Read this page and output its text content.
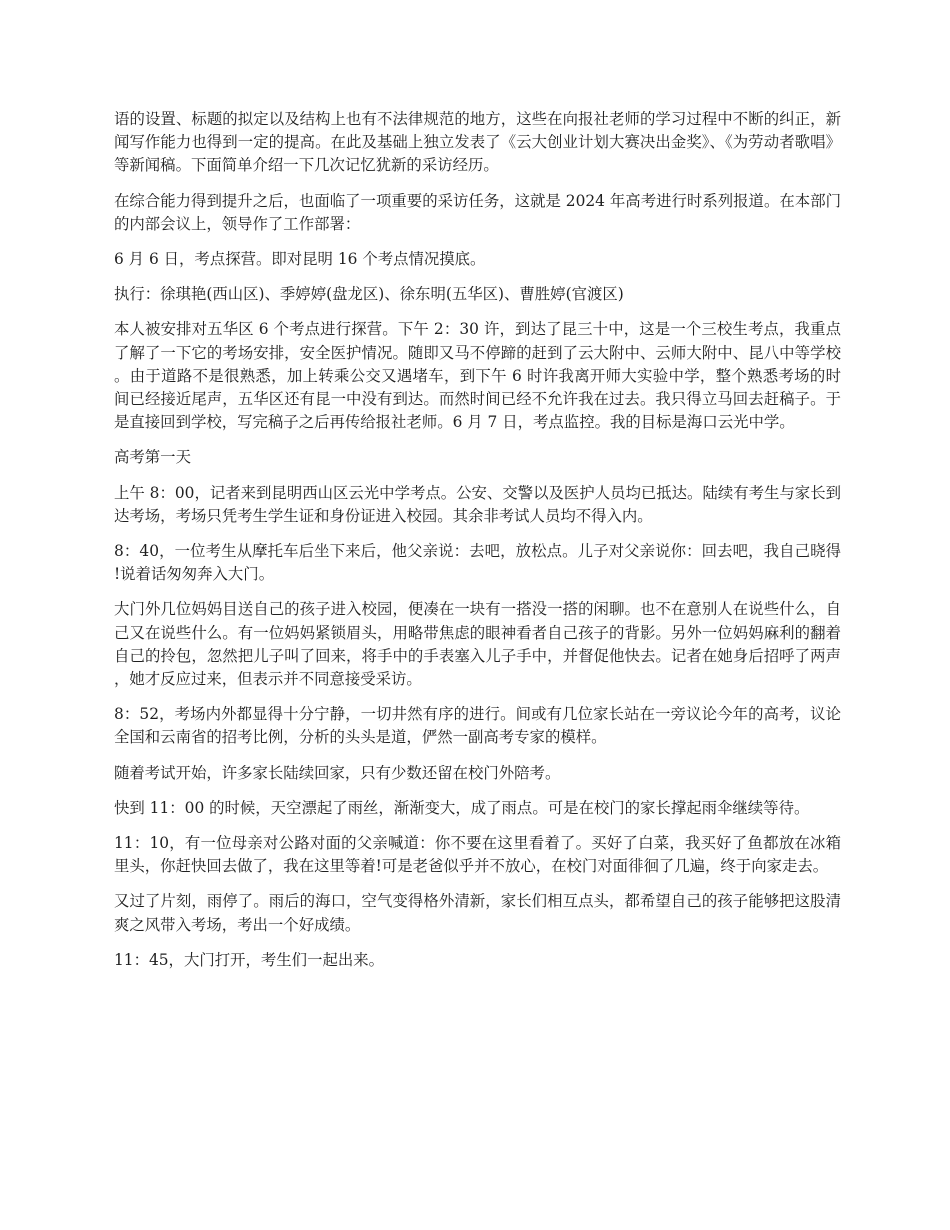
语的设置、标题的拟定以及结构上也有不法律规范的地方，这些在向报社老师的学习过程中不断的纠正，新闻写作能力也得到一定的提高。在此及基础上独立发表了《云大创业计划大赛决出金奖》、《为劳动者歌唱》等新闻稿。下面简单介绍一下几次记忆犹新的采访经历。

在综合能力得到提升之后，也面临了一项重要的采访任务，这就是 2024 年高考进行时系列报道。在本部门的内部会议上，领导作了工作部署：

6 月 6 日，考点探营。即对昆明 16 个考点情况摸底。

执行：徐琪艳(西山区)、季婷婷(盘龙区)、徐东明(五华区)、曹胜婷(官渡区)

本人被安排对五华区 6 个考点进行探营。下午 2：30 许，到达了昆三十中，这是一个三校生考点，我重点了解了一下它的考场安排，安全医护情况。随即又马不停蹄的赶到了云大附中、云师大附中、昆八中等学校。由于道路不是很熟悉，加上转乘公交又遇堵车，到下午 6 时许我离开师大实验中学，整个熟悉考场的时间已经接近尾声，五华区还有昆一中没有到达。而然时间已经不允许我在过去。我只得立马回去赶稿子。于是直接回到学校，写完稿子之后再传给报社老师。6 月 7 日，考点监控。我的目标是海口云光中学。

高考第一天

上午 8：00，记者来到昆明西山区云光中学考点。公安、交警以及医护人员均已抵达。陆续有考生与家长到达考场，考场只凭考生学生证和身份证进入校园。其余非考试人员均不得入内。

8：40，一位考生从摩托车后坐下来后，他父亲说：去吧，放松点。儿子对父亲说你：回去吧，我自己晓得!说着话匆匆奔入大门。

大门外几位妈妈目送自己的孩子进入校园，便凑在一块有一搭没一搭的闲聊。也不在意别人在说些什么，自己又在说些什么。有一位妈妈紧锁眉头，用略带焦虑的眼神看者自己孩子的背影。另外一位妈妈麻利的翻着自己的拎包，忽然把儿子叫了回来，将手中的手表塞入儿子手中，并督促他快去。记者在她身后招呼了两声，她才反应过来，但表示并不同意接受采访。

8：52，考场内外都显得十分宁静，一切井然有序的进行。间或有几位家长站在一旁议论今年的高考，议论全国和云南省的招考比例，分析的头头是道，俨然一副高考专家的模样。

随着考试开始，许多家长陆续回家，只有少数还留在校门外陪考。

快到 11：00 的时候，天空漂起了雨丝，渐渐变大，成了雨点。可是在校门的家长撑起雨伞继续等待。

11：10，有一位母亲对公路对面的父亲喊道：你不要在这里看着了。买好了白菜，我买好了鱼都放在冰箱里头，你赶快回去做了，我在这里等着!可是老爸似乎并不放心，在校门对面徘徊了几遍，终于向家走去。

又过了片刻，雨停了。雨后的海口，空气变得格外清新，家长们相互点头，都希望自己的孩子能够把这股清爽之风带入考场，考出一个好成绩。

11：45，大门打开，考生们一起出来。
